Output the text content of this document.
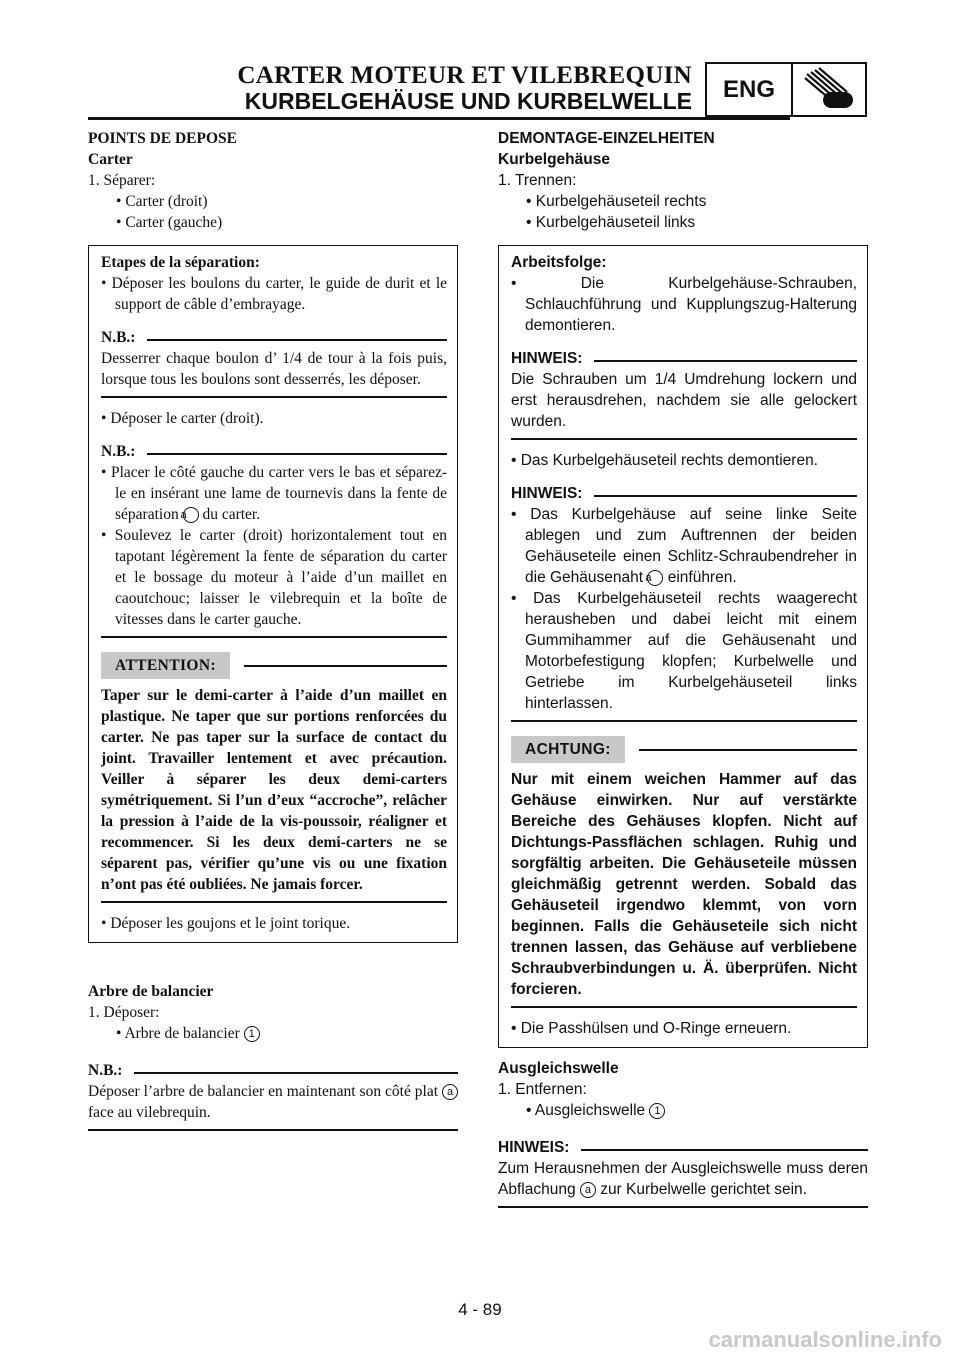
CARTER MOTEUR ET VILEBREQUIN
KURBELGEHÄUSE UND KURBELWELLE	ENG
POINTS DE DEPOSE
Carter
1. Séparer:
• Carter (droit)
• Carter (gauche)
Etapes de la séparation:
• Déposer les boulons du carter, le guide de durit et le support de câble d’embrayage.
N.B.:
Desserrer chaque boulon d’ 1/4 de tour à la fois puis, lorsque tous les boulons sont desserrés, les déposer.
• Déposer le carter (droit).
N.B.:
• Placer le côté gauche du carter vers le bas et séparez-le en insérant une lame de tournevis dans la fente de séparation a du carter.
• Soulevez le carter (droit) horizontalement tout en tapotant légèrement la fente de séparation du carter et le bossage du moteur à l’aide d’un maillet en caoutchouc; laisser le vilebrequin et la boîte de vitesses dans le carter gauche.
ATTENTION:
Taper sur le demi-carter à l’aide d’un maillet en plastique. Ne taper que sur portions renforcées du carter. Ne pas taper sur la surface de contact du joint. Travailler lentement et avec précaution. Veiller à séparer les deux demi-carters symétriquement. Si l’un d’eux “accroche”, relâcher la pression à l’aide de la vis-poussoir, réaligner et recommencer. Si les deux demi-carters ne se séparent pas, vérifier qu’une vis ou une fixation n’ont pas été oubliées. Ne jamais forcer.
• Déposer les goujons et le joint torique.
Arbre de balancier
1. Déposer:
• Arbre de balancier 1
N.B.:
Déposer l’arbre de balancier en maintenant son côté plat a face au vilebrequin.
DEMONTAGE-EINZELHEITEN
Kurbelgehäuse
1. Trennen:
• Kurbelgehäuseteil rechts
• Kurbelgehäuseteil links
Arbeitsfolge:
• Die Kurbelgehäuse-Schrauben, Schlauchführung und Kupplungszug-Halterung demontieren.
HINWEIS:
Die Schrauben um 1/4 Umdrehung lockern und erst herausdrehen, nachdem sie alle gelockert wurden.
• Das Kurbelgehäuseteil rechts demontieren.
HINWEIS:
• Das Kurbelgehäuse auf seine linke Seite ablegen und zum Auftrennen der beiden Gehäuseteile einen Schlitz-Schraubendreher in die Gehäusenaht a einführen.
• Das Kurbelgehäuseteil rechts waagerecht herausheben und dabei leicht mit einem Gummihammer auf die Gehäusenaht und Motorbefestigung klopfen; Kurbelwelle und Getriebe im Kurbelgehäuseteil links hinterlassen.
ACHTUNG:
Nur mit einem weichen Hammer auf das Gehäuse einwirken. Nur auf verstärkte Bereiche des Gehäuses klopfen. Nicht auf Dichtungs-Passflächen schlagen. Ruhig und sorgfältig arbeiten. Die Gehäuseteile müssen gleichmäßig getrennt werden. Sobald das Gehäuseteil irgendwo klemmt, von vorn beginnen. Falls die Gehäuseteile sich nicht trennen lassen, das Gehäuse auf verbliebene Schraubverbindungen u. Ä. überprüfen. Nicht forcieren.
• Die Passhülsen und O-Ringe erneuern.
Ausgleichswelle
1. Entfernen:
• Ausgleichswelle 1
HINWEIS:
Zum Herausnehmen der Ausgleichswelle muss deren Abflachung a zur Kurbelwelle gerichtet sein.
4 - 89
carmanualsonline.info
